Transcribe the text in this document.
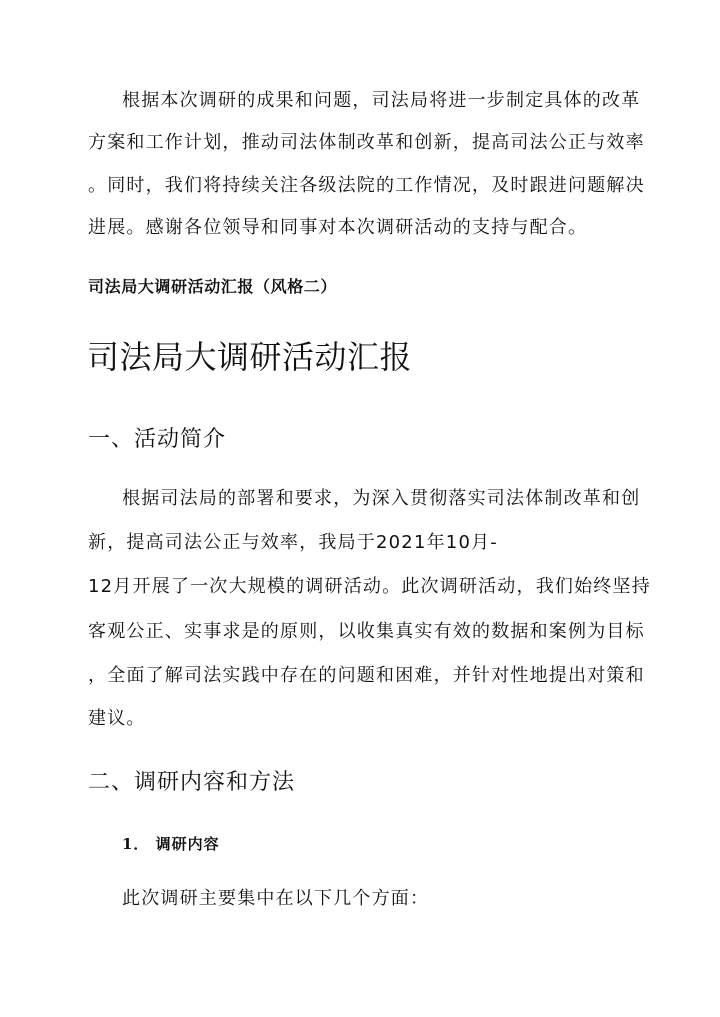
根据本次调研的成果和问题，司法局将进一步制定具体的改革
方案和工作计划，推动司法体制改革和创新，提高司法公正与效率
。同时，我们将持续关注各级法院的工作情况，及时跟进问题解决
进展。感谢各位领导和同事对本次调研活动的支持与配合。
司法局大调研活动汇报（风格二）
司法局大调研活动汇报
一、活动简介
根据司法局的部署和要求，为深入贯彻落实司法体制改革和创
新，提高司法公正与效率，我局于2021年10月-
12月开展了一次大规模的调研活动。此次调研活动，我们始终坚持
客观公正、实事求是的原则，以收集真实有效的数据和案例为目标
，全面了解司法实践中存在的问题和困难，并针对性地提出对策和
建议。
二、调研内容和方法
1． 调研内容
此次调研主要集中在以下几个方面：
